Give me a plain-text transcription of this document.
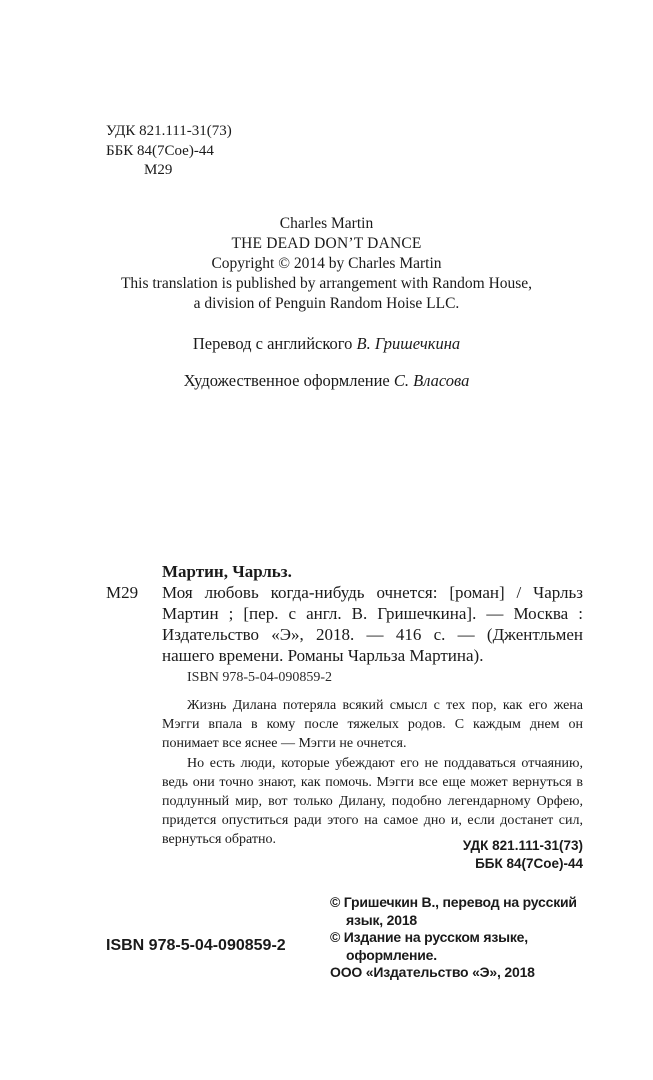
УДК 821.111-31(73)
ББК 84(7Сое)-44
М29
Charles Martin
THE DEAD DON’T DANCE
Copyright © 2014 by Charles Martin
This translation is published by arrangement with Random House,
a division of Penguin Random Hoise LLC.
Перевод с английского В. Гришечкина
Художественное оформление С. Власова
Мартин, Чарльз.
М29 Моя любовь когда-нибудь очнется: [роман] / Чарльз Мартин ; [пер. с англ. В. Гришечкина]. — Москва : Издательство «Э», 2018. — 416 с. — (Джентльмен нашего времени. Романы Чарльза Мартина).
ISBN 978-5-04-090859-2

Жизнь Дилана потеряла всякий смысл с тех пор, как его жена Мэгги впала в кому после тяжелых родов. С каждым днем он понимает все яснее — Мэгги не очнется.

Но есть люди, которые убеждают его не поддаваться отчаянию, ведь они точно знают, как помочь. Мэгги все еще может вернуться в подлунный мир, вот только Дилану, подобно легендарному Орфею, придется опуститься ради этого на самое дно и, если достанет сил, вернуться обратно.	УДК 821.111-31(73)
ББК 84(7Сое)-44
© Гришечкин В., перевод на русский язык, 2018
© Издание на русском языке, оформление.
ООО «Издательство «Э», 2018
ISBN 978-5-04-090859-2
